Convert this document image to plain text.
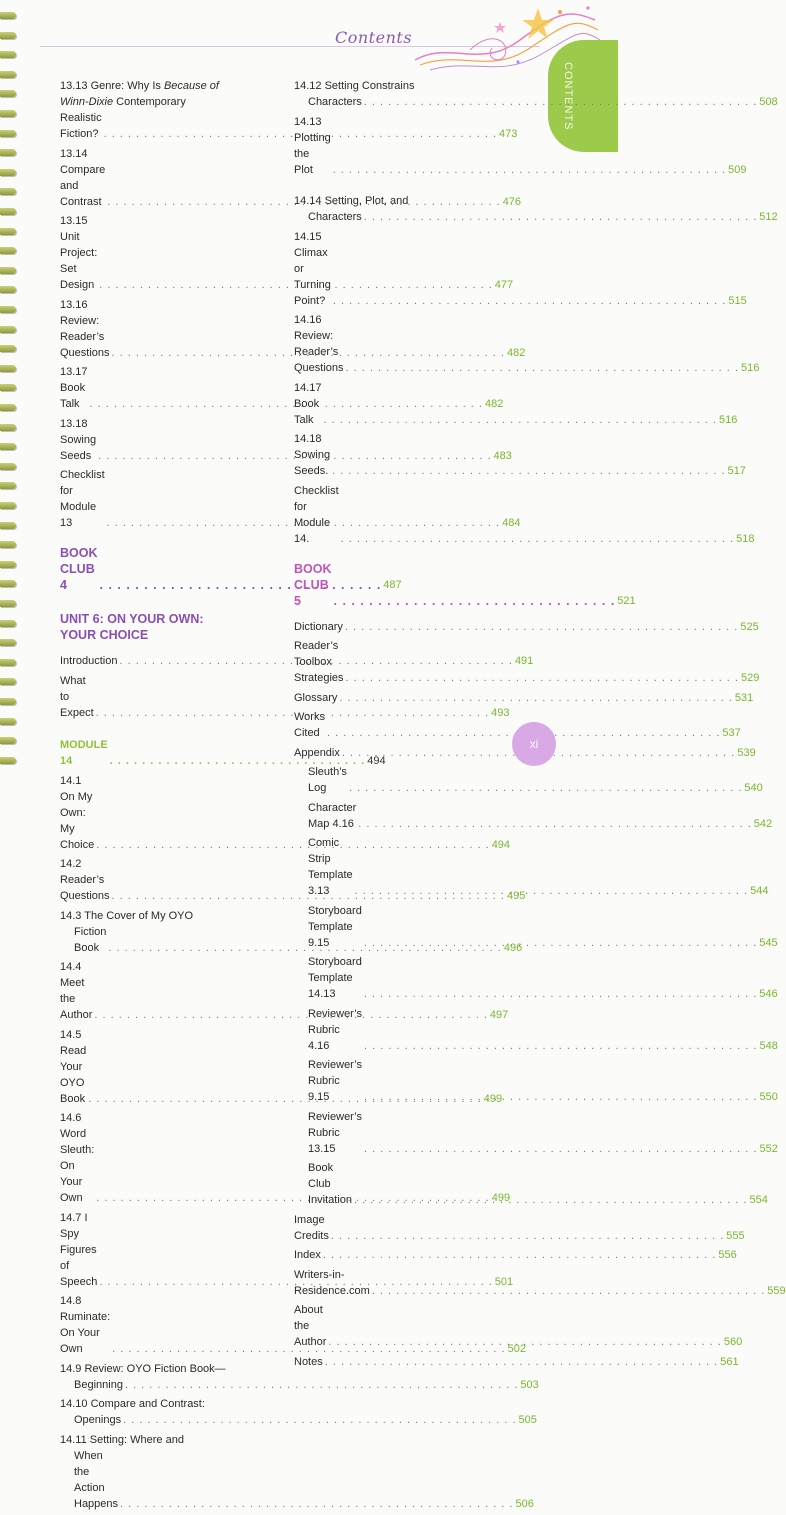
Contents
CONTENTS
13.13 Genre: Why Is Because of
Winn-Dixie Contemporary
Realistic Fiction? . . .	473
13.14 Compare and Contrast . . .	476
13.15 Unit Project: Set Design . . .	477
13.16 Review: Reader’s Questions . . .	482
13.17 Book Talk . . .	482
13.18 Sowing Seeds . . .	483
Checklist for Module 13 . . .	484
BOOK CLUB 4 . . .	487
UNIT 6: ON YOUR OWN:
YOUR CHOICE
Introduction . . .	491
What to Expect . . .	493
MODULE 14 . . .	494
14.1 On My Own: My Choice . . .	494
14.2 Reader’s Questions . . .	495
14.3 The Cover of My OYO
Fiction Book . . .	496
14.4 Meet the Author . . .	497
14.5 Read Your OYO Book . . .	499
14.6 Word Sleuth: On Your Own . . .	499
14.7 I Spy Figures of Speech . . .	501
14.8 Ruminate: On Your Own . . .	502
14.9 Review: OYO Fiction Book—
Beginning . . .	503
14.10 Compare and Contrast:
Openings . . .	505
14.11 Setting: Where and
When the Action Happens . . .	506
14.12 Setting Constrains
Characters . . .	508
14.13 Plotting the Plot . . .	509
14.14 Setting, Plot, and
Characters . . .	512
14.15 Climax or Turning Point? . . .	515
14.16 Review: Reader’s Questions . . .	516
14.17 Book Talk . . .	516
14.18 Sowing Seeds. . . .	517
Checklist for Module 14. . . .	518
BOOK CLUB 5 . . .	521
Dictionary . . .	525
Reader’s Toolbox Strategies . . .	529
Glossary . . .	531
Works Cited . . .	537
Appendix . . .	539
Sleuth’s Log . . .	540
Character Map 4.16 . . .	542
Comic Strip Template 3.13 . . .	544
Storyboard Template 9.15 . . .	545
Storyboard Template 14.13 . . .	546
Reviewer’s Rubric 4.16 . . .	548
Reviewer’s Rubric 9.15 . . .	550
Reviewer’s Rubric 13.15 . . .	552
Book Club Invitation . . .	554
Image Credits . . .	555
Index . . .	556
Writers-in-Residence.com . . .	559
About the Author . . .	560
Notes . . .	561
xi
